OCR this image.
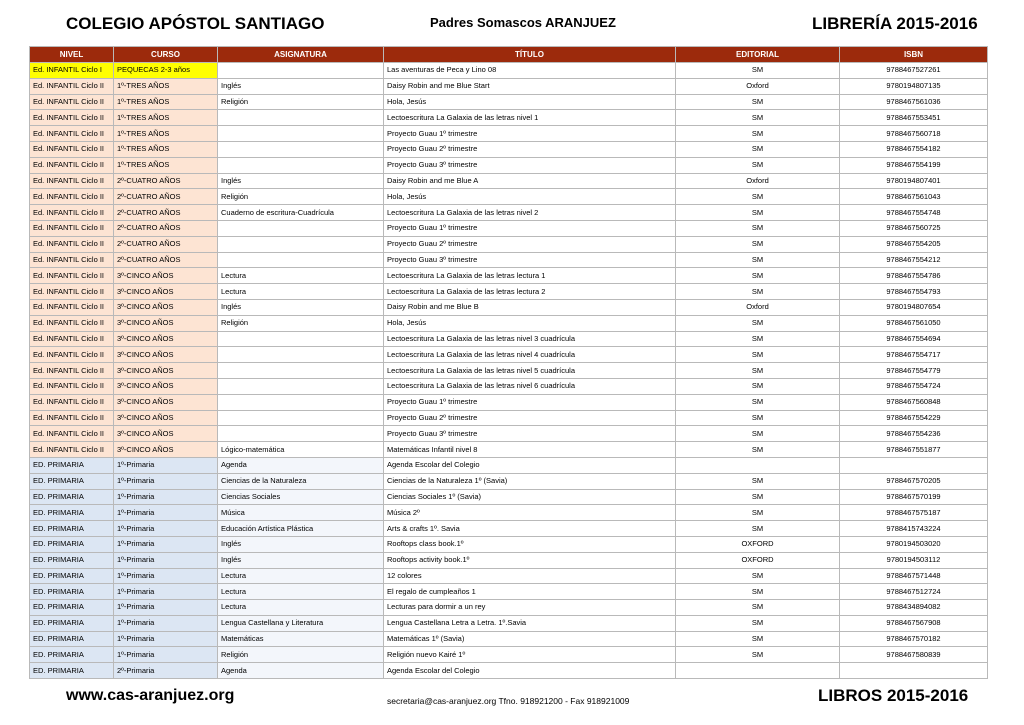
COLEGIO APÓSTOL SANTIAGO	Padres Somascos ARANJUEZ	LIBRERÍA 2015-2016
NIVEL	CURSO	ASIGNATURA	TÍTULO	EDITORIAL	ISBN
Ed. INFANTIL Ciclo I	PEQUECAS 2-3 años		Las aventuras de Peca y Lino 08	SM	9788467527261
Ed. INFANTIL Ciclo II	1º-TRES AÑOS	Inglés	Daisy Robin and me Blue Start	Oxford	9780194807135
Ed. INFANTIL Ciclo II	1º-TRES AÑOS	Religión	Hola, Jesús	SM	9788467561036
Ed. INFANTIL Ciclo II	1º-TRES AÑOS		Lectoescritura La Galaxia de las letras nivel 1	SM	9788467553451
Ed. INFANTIL Ciclo II	1º-TRES AÑOS		Proyecto Guau 1º trimestre	SM	9788467560718
Ed. INFANTIL Ciclo II	1º-TRES AÑOS		Proyecto Guau 2º trimestre	SM	9788467554182
Ed. INFANTIL Ciclo II	1º-TRES AÑOS		Proyecto Guau 3º trimestre	SM	9788467554199
Ed. INFANTIL Ciclo II	2º-CUATRO AÑOS	Inglés	Daisy Robin and me Blue A	Oxford	9780194807401
Ed. INFANTIL Ciclo II	2º-CUATRO AÑOS	Religión	Hola, Jesús	SM	9788467561043
Ed. INFANTIL Ciclo II	2º-CUATRO AÑOS	Cuaderno de escritura-Cuadrícula	Lectoescritura La Galaxia de las letras nivel 2	SM	9788467554748
Ed. INFANTIL Ciclo II	2º-CUATRO AÑOS		Proyecto Guau 1º trimestre	SM	9788467560725
Ed. INFANTIL Ciclo II	2º-CUATRO AÑOS		Proyecto Guau 2º trimestre	SM	9788467554205
Ed. INFANTIL Ciclo II	2º-CUATRO AÑOS		Proyecto Guau 3º trimestre	SM	9788467554212
Ed. INFANTIL Ciclo II	3º-CINCO AÑOS	Lectura	Lectoescritura La Galaxia de las letras lectura 1	SM	9788467554786
Ed. INFANTIL Ciclo II	3º-CINCO AÑOS	Lectura	Lectoescritura La Galaxia de las letras lectura 2	SM	9788467554793
Ed. INFANTIL Ciclo II	3º-CINCO AÑOS	Inglés	Daisy Robin and me Blue B	Oxford	9780194807654
Ed. INFANTIL Ciclo II	3º-CINCO AÑOS	Religión	Hola, Jesús	SM	9788467561050
Ed. INFANTIL Ciclo II	3º-CINCO AÑOS		Lectoescritura La Galaxia de las letras nivel 3 cuadrícula	SM	9788467554694
Ed. INFANTIL Ciclo II	3º-CINCO AÑOS		Lectoescritura La Galaxia de las letras nivel 4 cuadrícula	SM	9788467554717
Ed. INFANTIL Ciclo II	3º-CINCO AÑOS		Lectoescritura La Galaxia de las letras nivel 5 cuadrícula	SM	9788467554779
Ed. INFANTIL Ciclo II	3º-CINCO AÑOS		Lectoescritura La Galaxia de las letras nivel 6 cuadrícula	SM	9788467554724
Ed. INFANTIL Ciclo II	3º-CINCO AÑOS		Proyecto Guau 1º trimestre	SM	9788467560848
Ed. INFANTIL Ciclo II	3º-CINCO AÑOS		Proyecto Guau 2º trimestre	SM	9788467554229
Ed. INFANTIL Ciclo II	3º-CINCO AÑOS		Proyecto Guau 3º trimestre	SM	9788467554236
Ed. INFANTIL Ciclo II	3º-CINCO AÑOS	Lógico-matemática	Matemáticas Infantil nivel 8	SM	9788467551877
ED. PRIMARIA	1º-Primaria	Agenda	Agenda Escolar del Colegio		
ED. PRIMARIA	1º-Primaria	Ciencias de la Naturaleza	Ciencias de la Naturaleza 1º (Savia)	SM	9788467570205
ED. PRIMARIA	1º-Primaria	Ciencias Sociales	Ciencias Sociales 1º (Savia)	SM	9788467570199
ED. PRIMARIA	1º-Primaria	Música	Música 2º	SM	9788467575187
ED. PRIMARIA	1º-Primaria	Educación Artística Plástica	Arts & crafts 1º. Savia	SM	9788415743224
ED. PRIMARIA	1º-Primaria	Inglés	Rooftops class book.1º	OXFORD	9780194503020
ED. PRIMARIA	1º-Primaria	Inglés	Rooftops activity book.1º	OXFORD	9780194503112
ED. PRIMARIA	1º-Primaria	Lectura	12 colores	SM	9788467571448
ED. PRIMARIA	1º-Primaria	Lectura	El regalo de cumpleaños 1	SM	9788467512724
ED. PRIMARIA	1º-Primaria	Lectura	Lecturas para dormir a un rey	SM	9788434894082
ED. PRIMARIA	1º-Primaria	Lengua Castellana y Literatura	Lengua Castellana Letra a Letra. 1º.Savia	SM	9788467567908
ED. PRIMARIA	1º-Primaria	Matemáticas	Matemáticas 1º (Savia)	SM	9788467570182
ED. PRIMARIA	1º-Primaria	Religión	Religión nuevo Kairé 1º	SM	9788467580839
ED. PRIMARIA	2º-Primaria	Agenda	Agenda Escolar del Colegio		
www.cas-aranjuez.org	secretaria@cas-aranjuez.org Tfno. 918921200 - Fax 918921009	LIBROS 2015-2016
